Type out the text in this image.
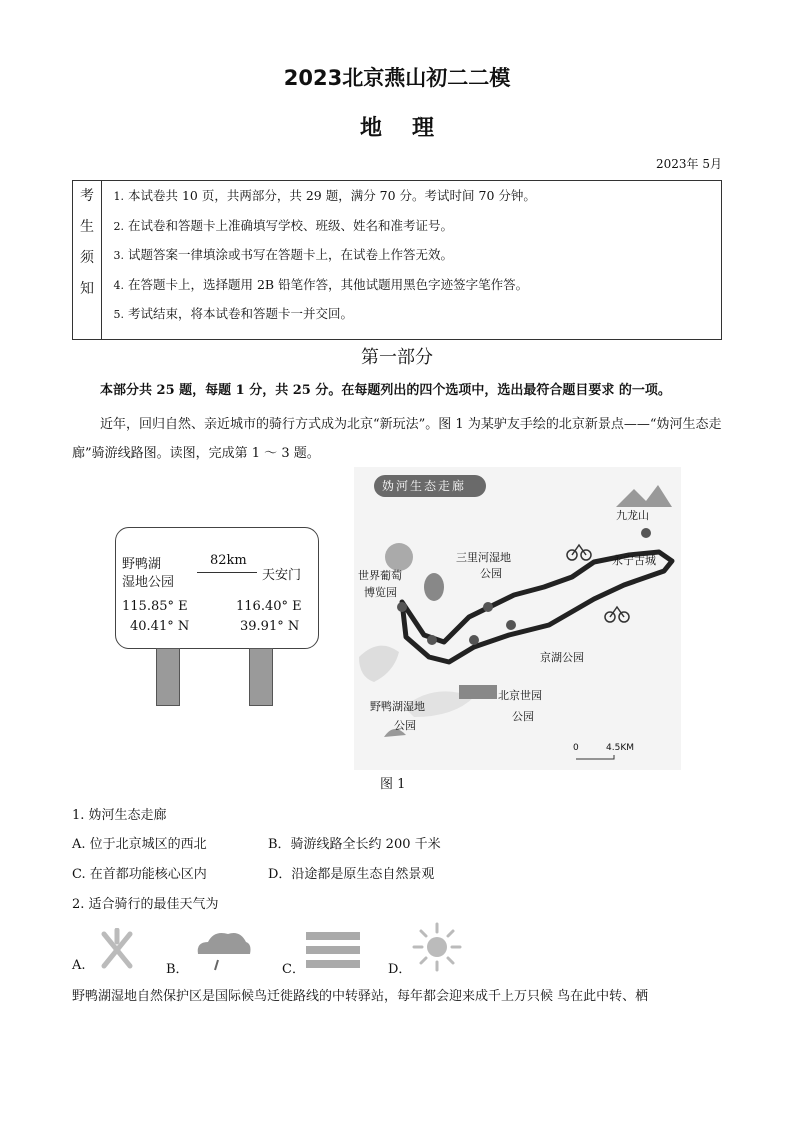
2023北京燕山初二二模
地理
2023年 5月
考
生
须
知

1. 本试卷共 10 页，共两部分，共 29 题，满分 70 分。考试时间 70 分钟。
2. 在试卷和答题卡上准确填写学校、班级、姓名和准考证号。
3. 试题答案一律填涂或书写在答题卡上，在试卷上作答无效。
4. 在答题卡上，选择题用 2B 铅笔作答，其他试题用黑色字迹签字笔作答。
5. 考试结束，将本试卷和答题卡一并交回。
第一部分
本部分共 25 题，每题 1 分，共 25 分。在每题列出的四个选项中，选出最符合题目要求 的一项。
近年，回归自然、亲近城市的骑行方式成为北京“新玩法”。图 1 为某驴友手绘的北京新景点——“妫河生态走廊”骑游线路图。读图，完成第 1 ～ 3 题。
野鸭湖
湿地公园
82km
天安门
115.85° E
40.41° N
116.40° E
39.91° N
妫河生态走廊
九龙山
永宁古城
三里河湿地
公园
世界葡萄
博览园
京湖公园
野鸭湖湿地
公园
北京世园
公园
0	4.5KM
图 1
1. 妫河生态走廊
A. 位于北京城区的西北	B．骑游线路全长约 200 千米
C. 在首都功能核心区内	D．沿途都是原生态自然景观
2. 适合骑行的最佳天气为
A.	B．	C．	D．
野鸭湖湿地自然保护区是国际候鸟迁徙路线的中转驿站，每年都会迎来成千上万只候 鸟在此中转、栖
